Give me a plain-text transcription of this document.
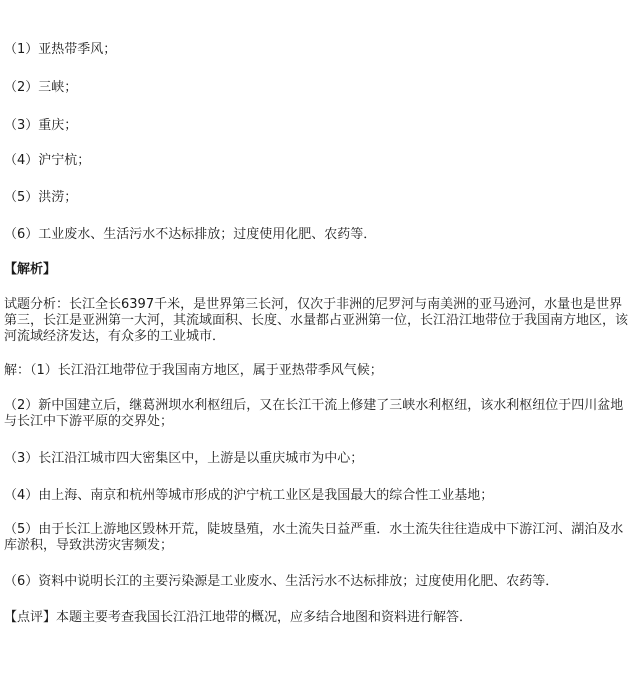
（1）亚热带季风；
（2）三峡；
（3）重庆；
（4）沪宁杭；
（5）洪涝；
（6）工业废水、生活污水不达标排放；过度使用化肥、农药等．
【解析】
试题分析：长江全长6397千米，是世界第三长河，仅次于非洲的尼罗河与南美洲的亚马逊河，水量也是世界第三，长江是亚洲第一大河，其流域面积、长度、水量都占亚洲第一位，长江沿江地带位于我国南方地区，该河流域经济发达，有众多的工业城市．
解：（1）长江沿江地带位于我国南方地区，属于亚热带季风气候；
（2）新中国建立后，继葛洲坝水利枢纽后，又在长江干流上修建了三峡水利枢纽，该水利枢纽位于四川盆地与长江中下游平原的交界处；
（3）长江沿江城市四大密集区中，上游是以重庆城市为中心；
（4）由上海、南京和杭州等城市形成的沪宁杭工业区是我国最大的综合性工业基地；
（5）由于长江上游地区毁林开荒，陡坡垦殖，水土流失日益严重．水土流失往往造成中下游江河、湖泊及水库淤积，导致洪涝灾害频发；
（6）资料中说明长江的主要污染源是工业废水、生活污水不达标排放；过度使用化肥、农药等．
【点评】本题主要考查我国长江沿江地带的概况，应多结合地图和资料进行解答．
